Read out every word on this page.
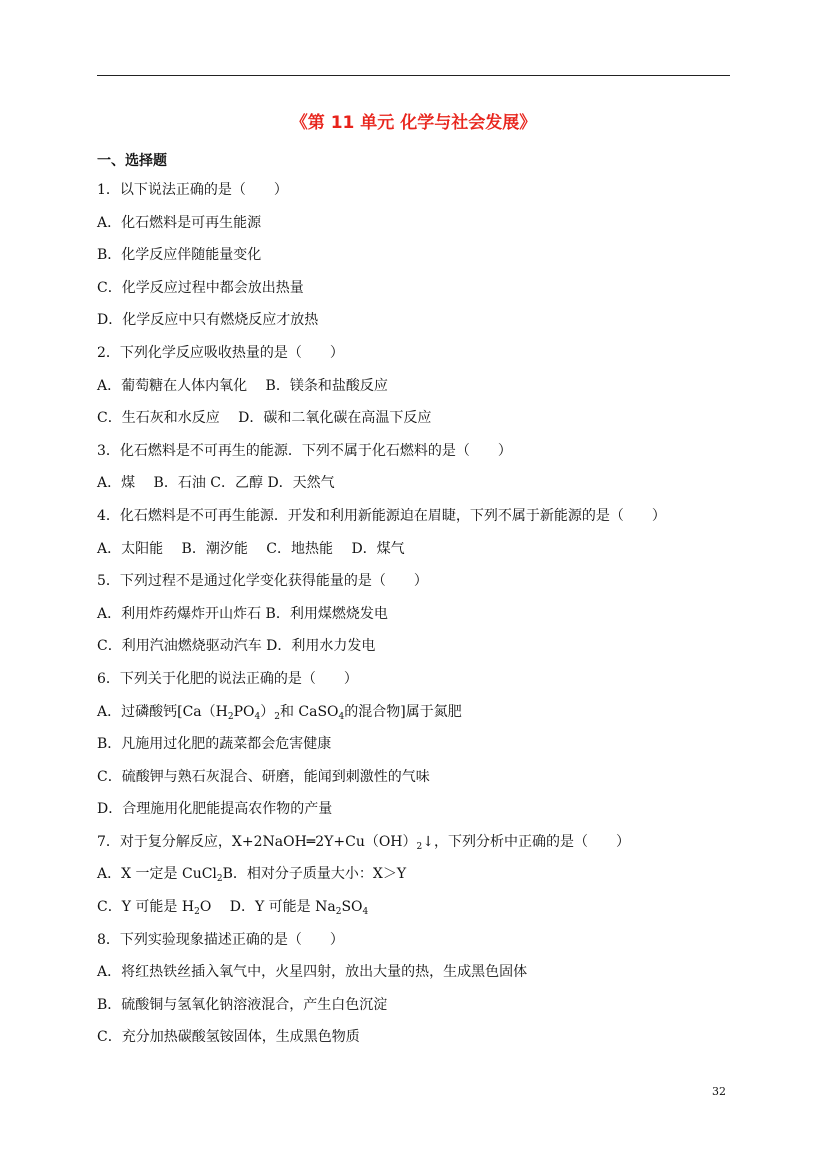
《第 11 单元 化学与社会发展》
一、选择题
1．以下说法正确的是（　　）
A．化石燃料是可再生能源
B．化学反应伴随能量变化
C．化学反应过程中都会放出热量
D．化学反应中只有燃烧反应才放热
2．下列化学反应吸收热量的是（　　）
A．葡萄糖在人体内氧化　 B．镁条和盐酸反应
C．生石灰和水反应　 D．碳和二氧化碳在高温下反应
3．化石燃料是不可再生的能源．下列不属于化石燃料的是（　　）
A．煤　 B．石油 C．乙醇 D．天然气
4．化石燃料是不可再生能源．开发和利用新能源迫在眉睫，下列不属于新能源的是（　　）
A．太阳能　 B．潮汐能　 C．地热能　 D．煤气
5．下列过程不是通过化学变化获得能量的是（　　）
A．利用炸药爆炸开山炸石 B．利用煤燃烧发电
C．利用汽油燃烧驱动汽车 D．利用水力发电
6．下列关于化肥的说法正确的是（　　）
A．过磷酸钙[$Ca(H_2PO_4)_2$和 CaSO$_4$的混合物]属于氮肥
B．凡施用过化肥的蔬菜都会危害健康
C．硫酸钾与熟石灰混合、研磨，能闻到刺激性的气味
D．合理施用化肥能提高农作物的产量
7．对于复分解反应，$X+2NaOH═2Y+Cu(OH)_2↓$，下列分析中正确的是（　　）
A．X 一定是 CuCl$_2$B．相对分子质量大小：X＞Y
C．Y 可能是 $H_2O$　 D．Y 可能是 $Na_2SO_4$
8．下列实验现象描述正确的是（　　）
A．将红热铁丝插入氧气中，火星四射，放出大量的热，生成黑色固体
B．硫酸铜与氢氧化钠溶液混合，产生白色沉淀
C．充分加热碳酸氢铵固体，生成黑色物质
32
